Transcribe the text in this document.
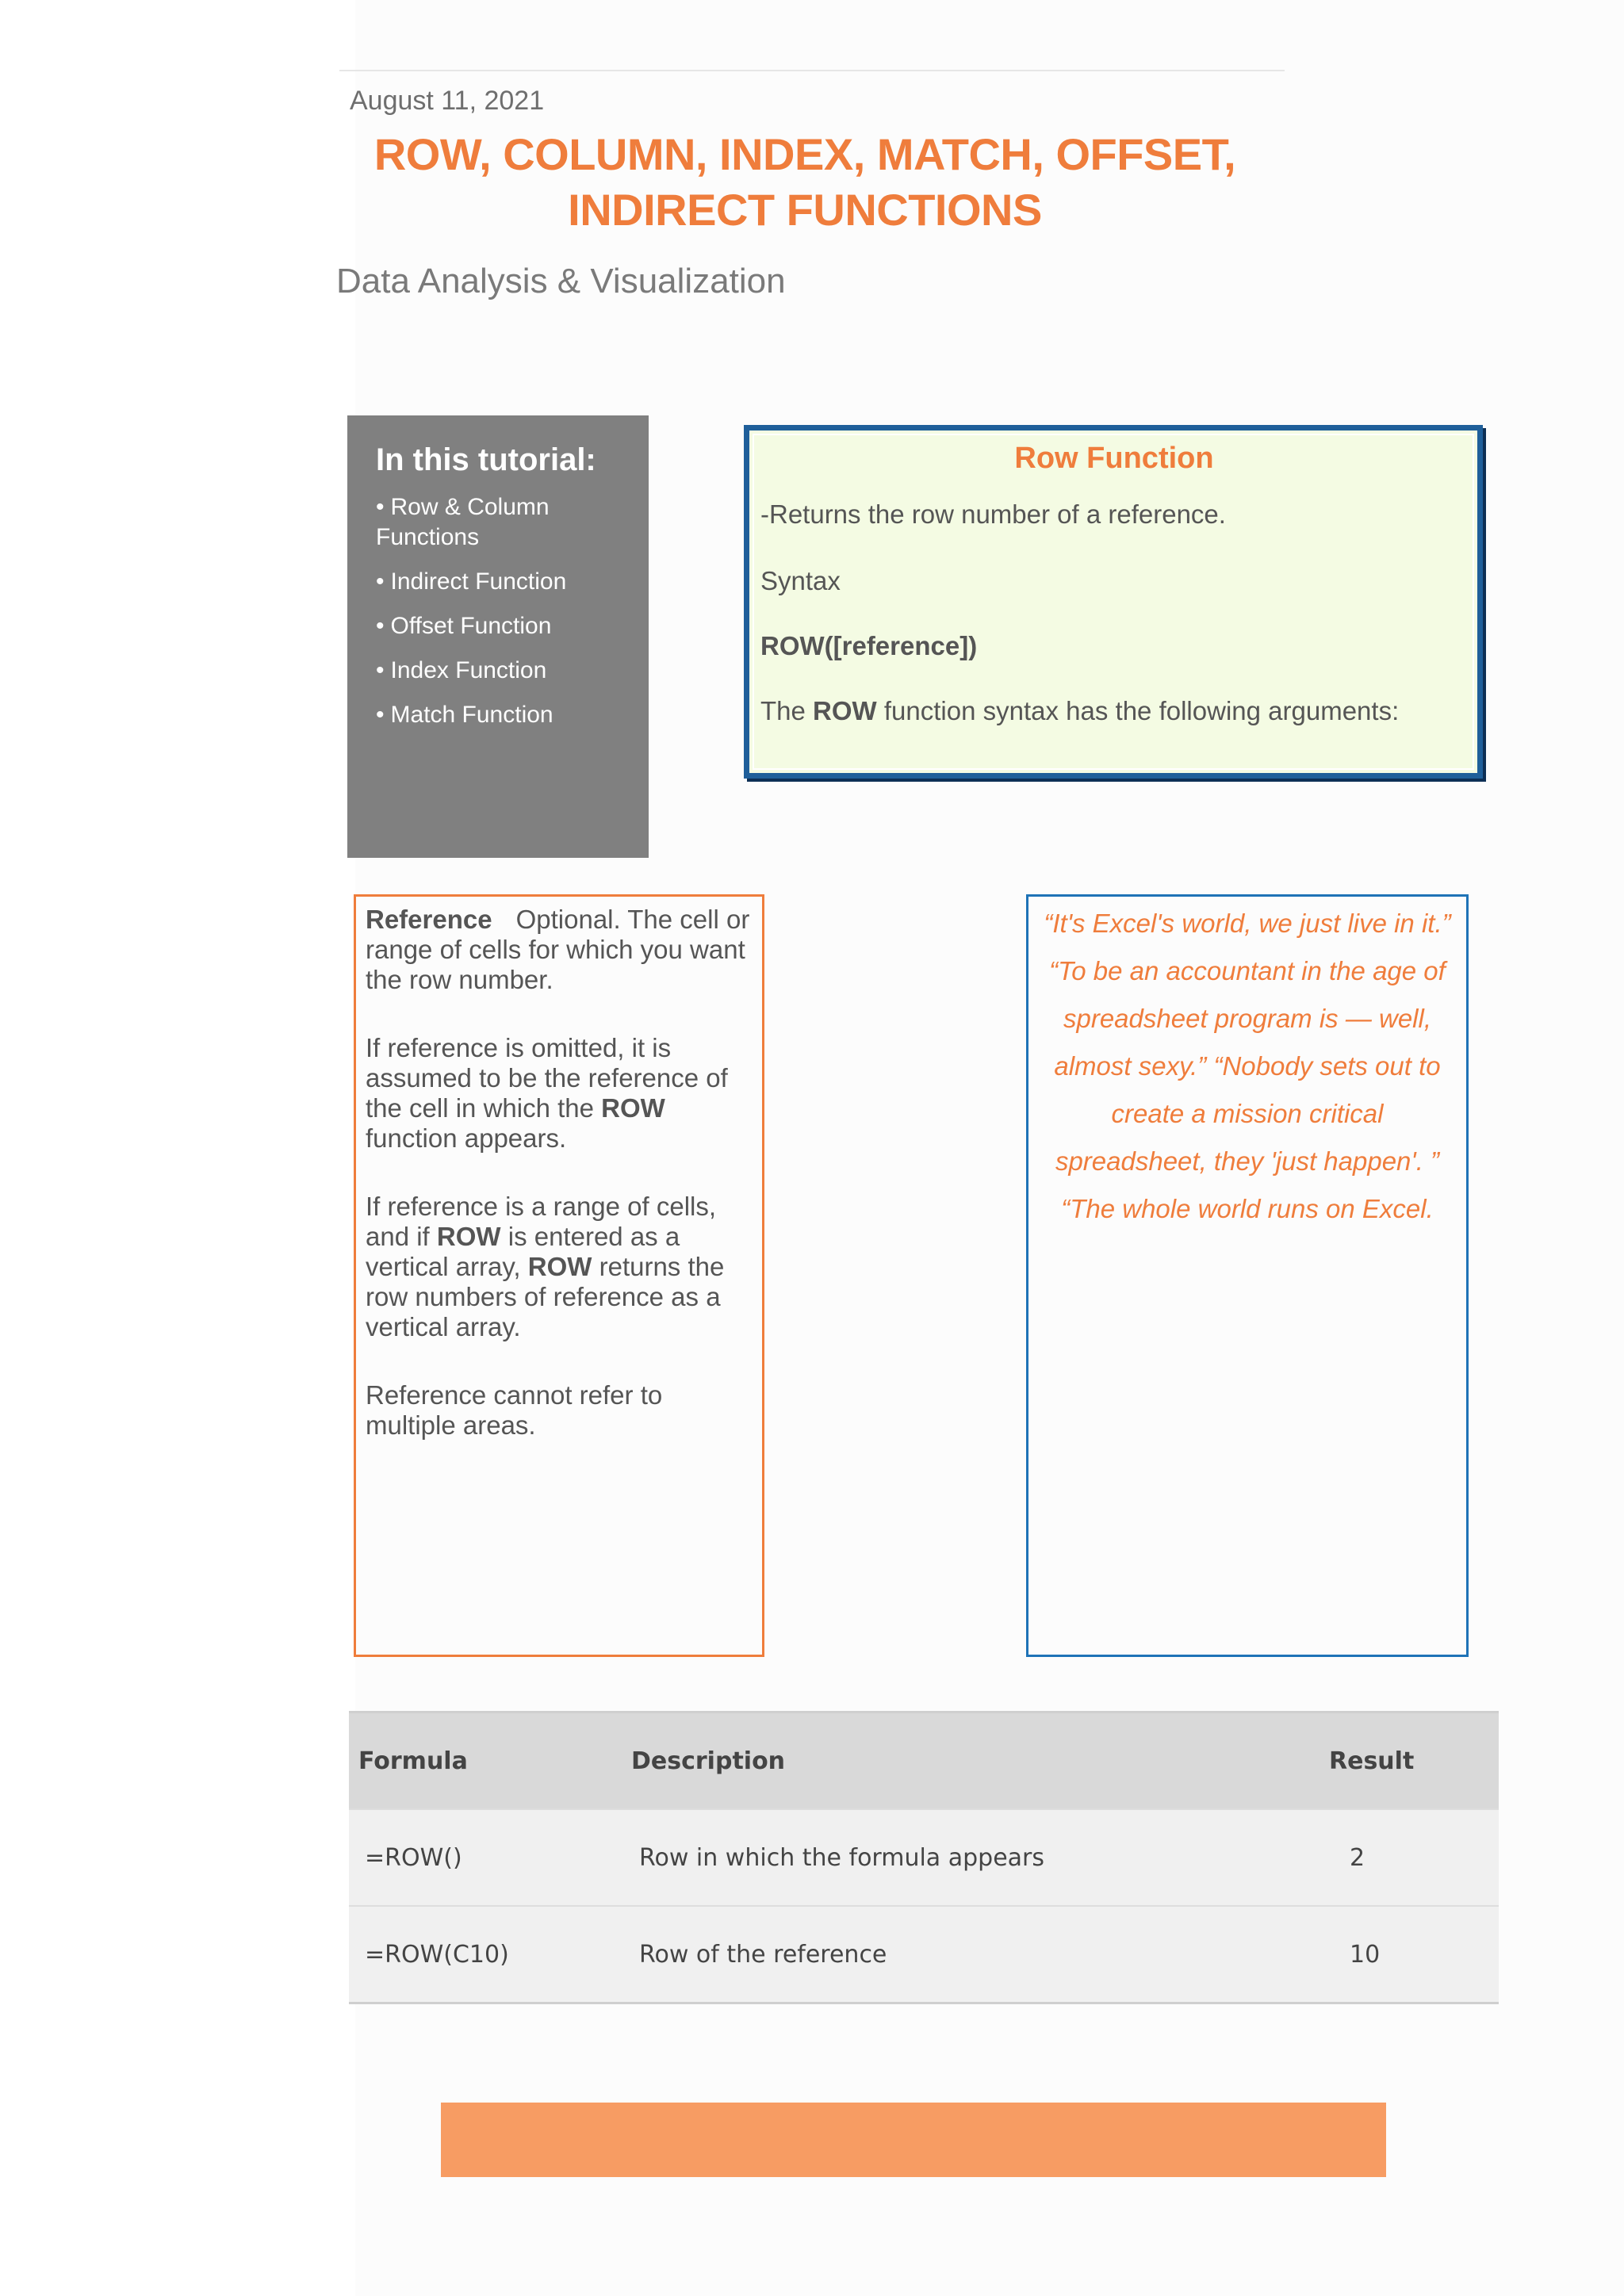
August 11, 2021
ROW, COLUMN, INDEX, MATCH, OFFSET,
INDIRECT FUNCTIONS
Data Analysis & Visualization
In this tutorial:
• Row & Column Functions
• Indirect Function
• Offset Function
• Index Function
• Match Function
Row Function

-Returns the row number of a reference.

Syntax

ROW([reference])

The ROW function syntax has the following arguments:

Reference Optional. The cell or range of cells for which you want the row number.

If reference is omitted, it is assumed to be the reference of the cell in which the ROW function appears.

If reference is a range of cells, and if ROW is entered as a vertical array, ROW returns the row numbers of reference as a vertical array.

Reference cannot refer to multiple areas.

“It's Excel's world, we just live in it.” “To be an accountant in the age of spreadsheet program is — well, almost sexy.” “Nobody sets out to create a mission critical spreadsheet, they 'just happen'. ” “The whole world runs on Excel.
Formula	Description	Result
=ROW()	Row in which the formula appears	2
=ROW(C10)	Row of the reference	10
